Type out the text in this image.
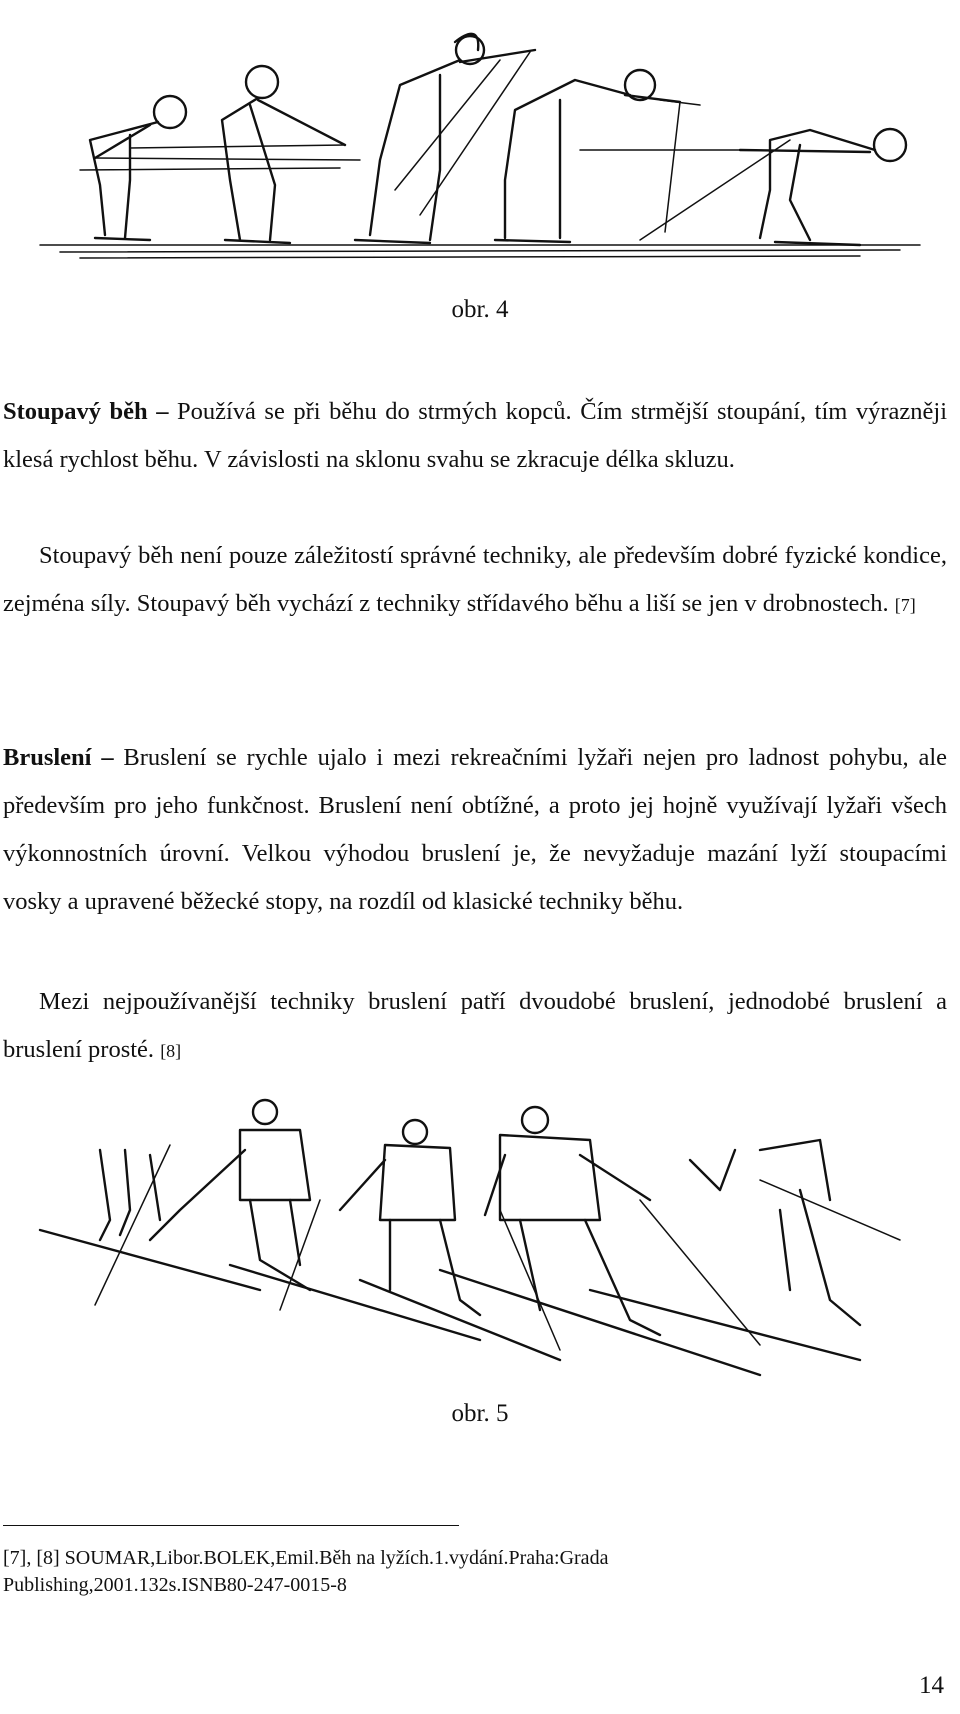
obr. 4

Stoupavý běh – Používá se při běhu do strmých kopců. Čím strmější stoupání, tím výrazněji klesá rychlost běhu. V závislosti na sklonu svahu se zkracuje délka skluzu.

Stoupavý běh není pouze záležitostí správné techniky, ale především dobré fyzické kondice, zejména síly. Stoupavý běh vychází z techniky střídavého běhu a liší se jen v drobnostech. [7]

Bruslení – Bruslení se rychle ujalo i mezi rekreačními lyžaři nejen pro ladnost pohybu, ale především pro jeho funkčnost. Bruslení není obtížné, a proto jej hojně využívají lyžaři všech výkonnostních úrovní. Velkou výhodou bruslení je, že nevyžaduje mazání lyží stoupacími vosky a upravené běžecké stopy, na rozdíl od klasické techniky běhu.

Mezi nejpoužívanější techniky bruslení patří dvoudobé bruslení, jednodobé bruslení a bruslení prosté. [8]

obr. 5

[7], [8] SOUMAR,Libor.BOLEK,Emil.Běh na lyžích.1.vydání.Praha:Grada
Publishing,2001.132s.ISNB80-247-0015-8

14
